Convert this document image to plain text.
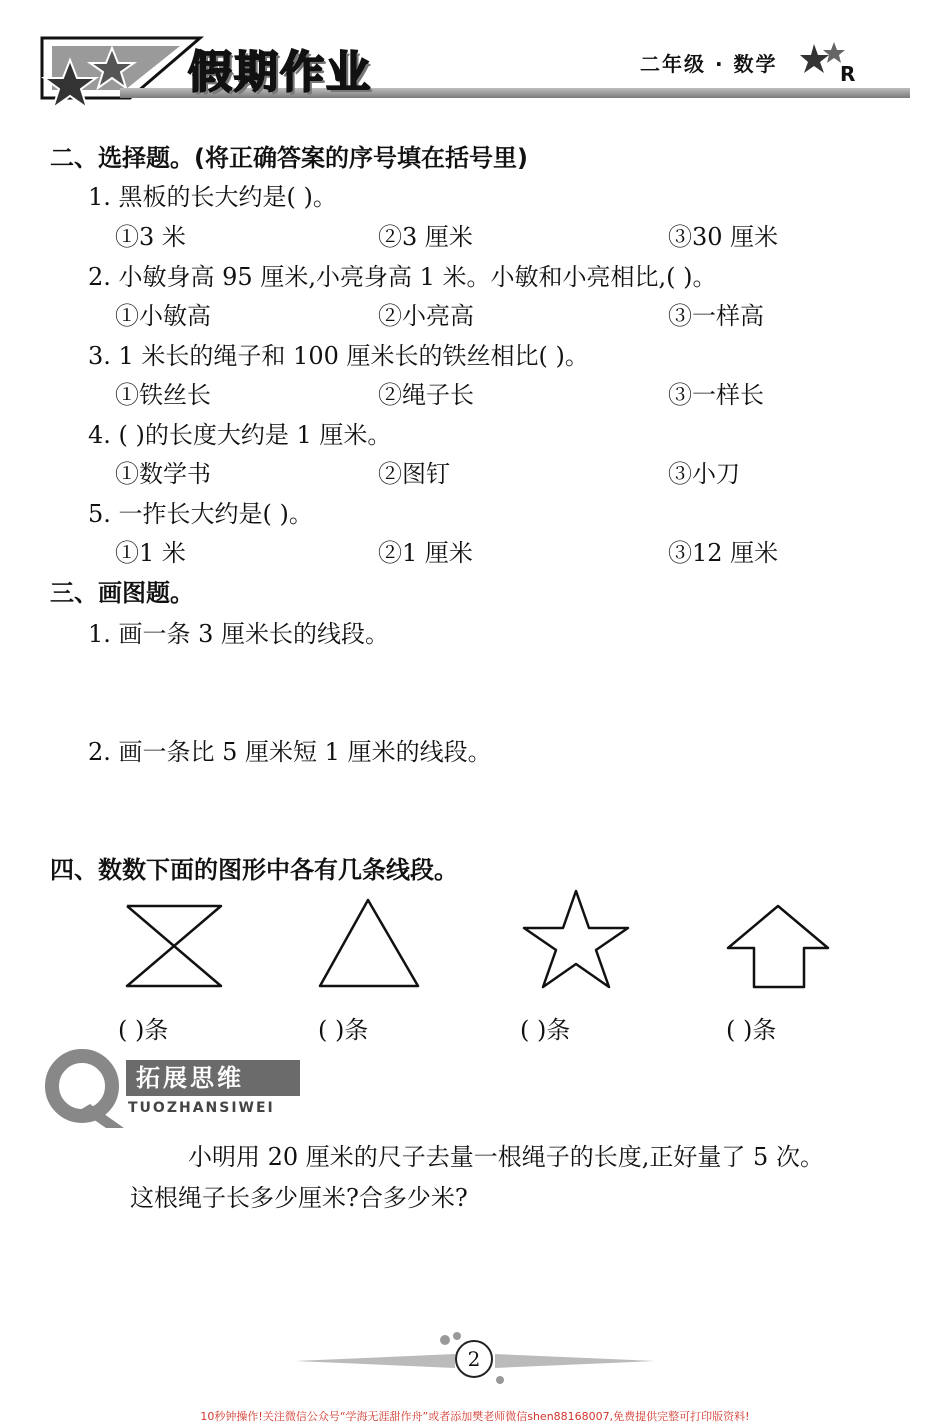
假期作业	二年级 · 数学	R
二、选择题。(将正确答案的序号填在括号里)
1. 黑板的长大约是( )。
①3 米	②3 厘米	③30 厘米
2. 小敏身高 95 厘米,小亮身高 1 米。小敏和小亮相比,( )。
①小敏高	②小亮高	③一样高
3. 1 米长的绳子和 100 厘米长的铁丝相比( )。
①铁丝长	②绳子长	③一样长
4. ( )的长度大约是 1 厘米。
①数学书	②图钉	③小刀
5. 一拃长大约是( )。
①1 米	②1 厘米	③12 厘米
三、画图题。
1. 画一条 3 厘米长的线段。
2. 画一条比 5 厘米短 1 厘米的线段。
四、数数下面的图形中各有几条线段。
( )条	( )条	( )条	( )条
拓展思维
TUOZHANSIWEI
小明用 20 厘米的尺子去量一根绳子的长度,正好量了 5 次。
这根绳子长多少厘米?合多少米?
2
10秒钟操作!关注微信公众号“学海无涯甜作舟”或者添加樊老师微信shen88168007,免费提供完整可打印版资料!
